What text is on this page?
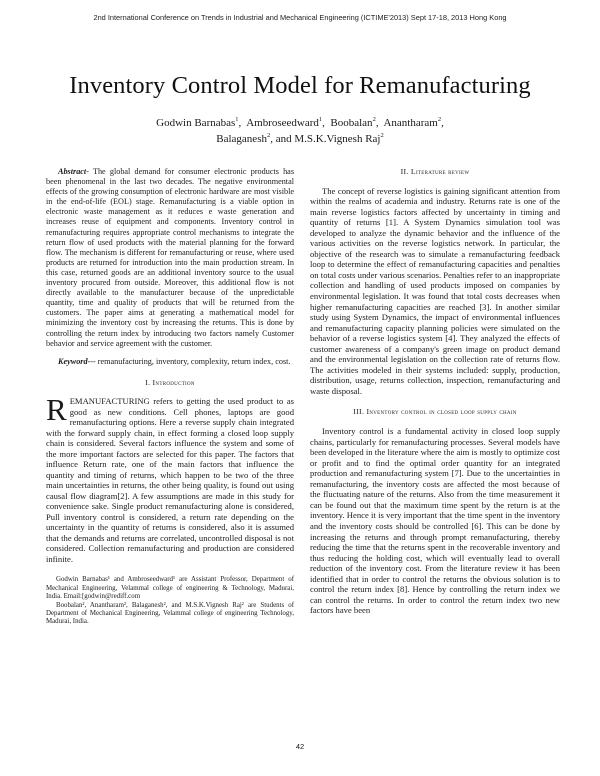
2nd International Conference on Trends in Industrial and Mechanical Engineering (ICTIME'2013) Sept 17-18, 2013 Hong Kong
Inventory Control Model for Remanufacturing
Godwin Barnabas$^1$, Ambroseedward$^1$, Boobalan$^2$, Anantharam$^2$,
Balaganesh$^2$, and M.S.K.Vignesh Raj$^2$

Abstract- The global demand for consumer electronic products has been phenomenal in the last two decades. The negative environmental effects of the growing consumption of electronic hardware are most visible in the end-of-life (EOL) stage. Remanufacturing is a viable option in electronic waste management as it reduces e waste generation and increases reuse of equipment and components. Inventory control in remanufacturing requires appropriate control mechanisms to integrate the return flow of used products with the material planning for the forward flow. The mechanism is different for remanufacturing or reuse, where used products are returned for introduction into the main production stream. In this case, returned goods are an additional inventory source to the usual inventory procured from outside. Moreover, this additional flow is not directly available to the manufacturer because of the unpredictable quantity, time and quality of products that will be returned from the customers. The paper aims at generating a mathematical model for minimizing the inventory cost by increasing the returns. This is done by controlling the return index by introducing two factors namely Customer behavior and service agreement with the customer.

Keyword--- remanufacturing, inventory, complexity, return index, cost.

I. Introduction

REMANUFACTURING refers to getting the used product to as good as new conditions. Cell phones, laptops are good remanufacturing options. Here a reverse supply chain integrated with the forward supply chain, in effect forming a closed loop supply chain is considered. Several factors influence the system and some of the more important factors are selected for this paper. The factors that influence Return rate, one of the main factors that influence the quantity and timing of returns, which happen to be two of the three main uncertainties in returns, the other being quality, is found out using causal flow diagram[2]. A few assumptions are made in this study for convenience sake. Single product remanufacturing alone is considered, Pull inventory control is considered, a return rate depending on the uncertainty in the quantity of returns is considered, also it is assumed that the demands and returns are correlated, uncontrolled disposal is not considered. Collection remanufacturing and production are considered infinite.

Godwin Barnabas¹ and Ambroseedward¹ are Assistant Professor, Department of Mechanical Engineering, Velammal college of engineering & Technology, Madurai, India. Email:[godwin@rediff.com

Boobalan², Anantharam², Balaganesh², and M.S.K.Vignesh Raj² are Students of Department of Mechanical Engineering, Velammal college of engineering Technology, Madurai, India.

II. Literature review

The concept of reverse logistics is gaining significant attention from within the realms of academia and industry. Returns rate is one of the main reverse logistics factors affected by uncertainty in timing and quantity of returns [1]. A System Dynamics simulation tool was developed to analyze the dynamic behavior and the influence of the various activities on the reverse logistics network. In particular, the objective of the research was to simulate a remanufacturing feedback loop to determine the effect of remanufacturing capacities and penalties on total costs under various scenarios. Penalties refer to an inappropriate collection and handling of used products imposed on companies by environmental legislation. It was found that total costs decreases when higher remanufacturing capacities are reached [3]. In another similar study using System Dynamics, the impact of environmental influences and remanufacturing capacity planning policies were simulated on the behavior of a reverse logistics system [4]. They analyzed the effects of customer awareness of a company's green image on product demand and the environmental legislation on the collection rate of returns flow. The activities modeled in their systems included: supply, production, distribution, usage, returns collection, inspection, remanufacturing and waste disposal.

III. Inventory control in closed loop supply chain

Inventory control is a fundamental activity in closed loop supply chains, particularly for remanufacturing processes. Several models have been developed in the literature where the aim is mostly to optimize cost or profit and to find the optimal order quantity for an integrated production and remanufacturing system [7]. Due to the uncertainties in remanufacturing, the inventory costs are affected the most because of the fluctuating nature of the returns. Also from the time measurement it can be found out that the maximum time spent by the return is at the inventory. Hence it is very important that the time spent in the inventory and the inventory costs should be controlled [6]. This can be done by increasing the returns and through prompt remanufacturing, thereby reducing the time that the returns spent in the recoverable inventory and thus reducing the holding cost, which will eventually lead to overall reduction of the inventory cost. From the literature review it has been identified that in order to control the returns the obvious solution is to control the return index [8]. Hence by controlling the return index we can control the returns. In order to control the return index two new factors have been

42
